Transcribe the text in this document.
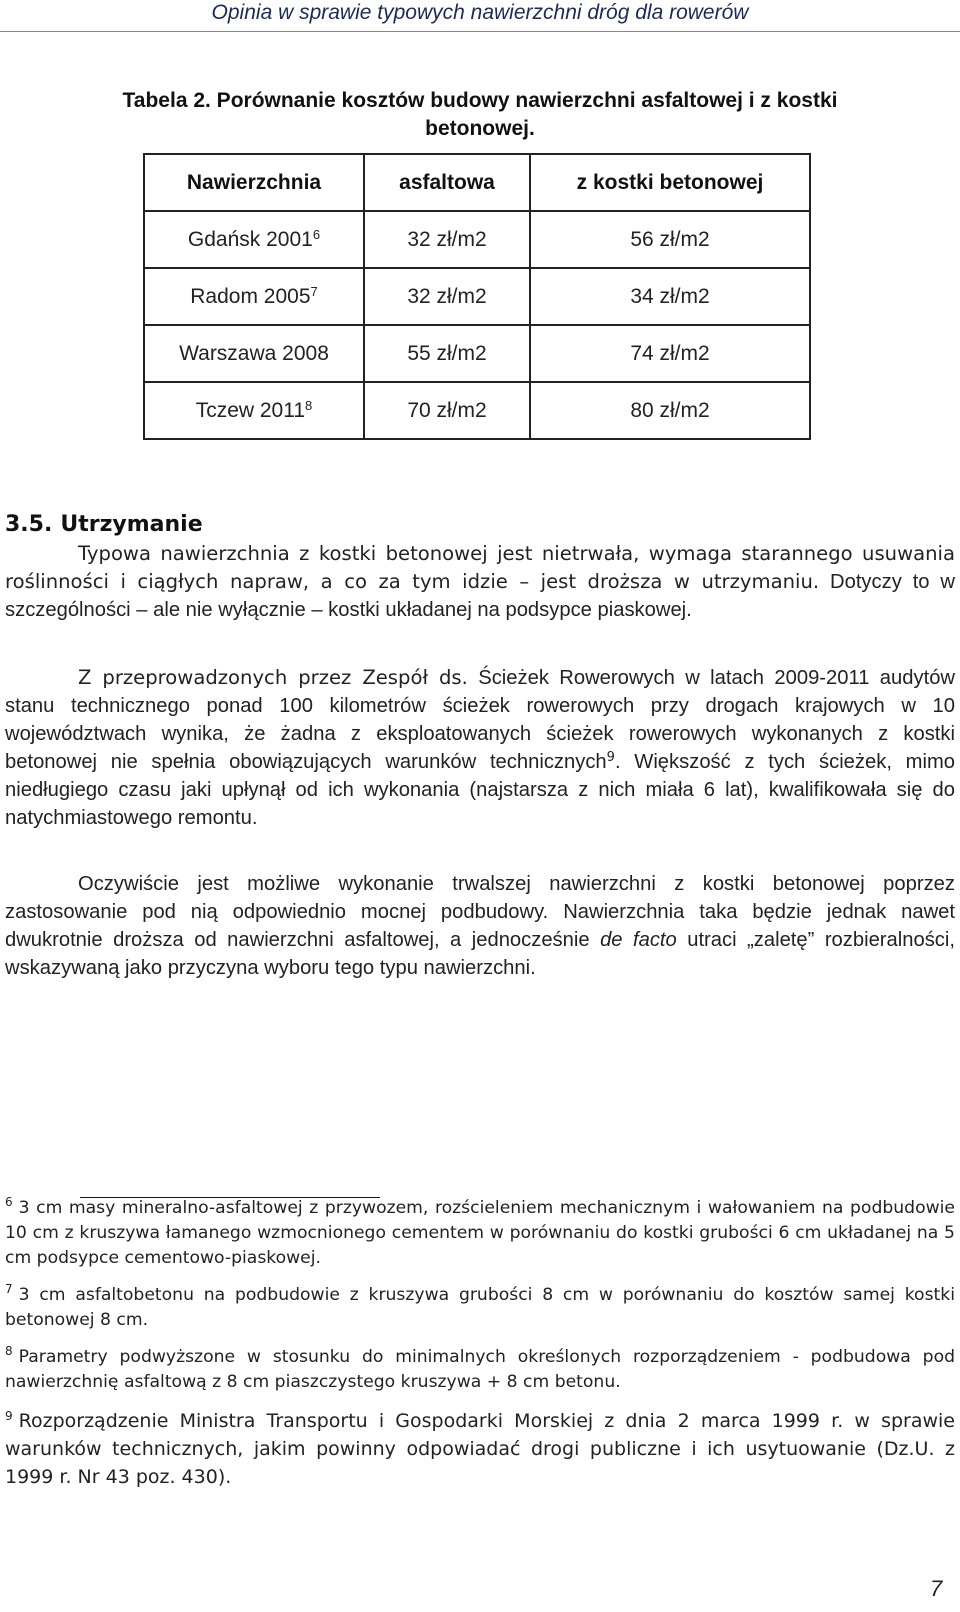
Opinia w sprawie typowych nawierzchni dróg dla rowerów
Tabela 2. Porównanie kosztów budowy nawierzchni asfaltowej i z kostki
betonowej.
Nawierzchnia	asfaltowa	z kostki betonowej
Gdańsk 2001$^6$	32 zł/m2	56 zł/m2
Radom 2005$^7$	32 zł/m2	34 zł/m2
Warszawa 2008	55 zł/m2	74 zł/m2
Tczew 2011$^8$	70 zł/m2	80 zł/m2
3.5. Utrzymanie

Typowa nawierzchnia z kostki betonowej jest nietrwała, wymaga starannego usuwania roślinności i ciągłych napraw, a co za tym idzie – jest droższa w utrzymaniu. Dotyczy to w szczególności – ale nie wyłącznie – kostki układanej na podsypce piaskowej.

Z przeprowadzonych przez Zespół ds. Ścieżek Rowerowych w latach 2009-2011 audytów stanu technicznego ponad 100 kilometrów ścieżek rowerowych przy drogach krajowych w 10 województwach wynika, że żadna z eksploatowanych ścieżek rowerowych wykonanych z kostki betonowej nie spełnia obowiązujących warunków technicznych$^9$. Większość z tych ścieżek, mimo niedługiego czasu jaki upłynął od ich wykonania (najstarsza z nich miała 6 lat), kwalifikowała się do natychmiastowego remontu.

Oczywiście jest możliwe wykonanie trwalszej nawierzchni z kostki betonowej poprzez zastosowanie pod nią odpowiednio mocnej podbudowy. Nawierzchnia taka będzie jednak nawet dwukrotnie droższa od nawierzchni asfaltowej, a jednocześnie de facto utraci „zaletę” rozbieralności, wskazywaną jako przyczyna wyboru tego typu nawierzchni.

$^6$ 3 cm masy mineralno-asfaltowej z przywozem, rozścieleniem mechanicznym i wałowaniem na podbudowie 10 cm z kruszywa łamanego wzmocnionego cementem w porównaniu do kostki grubości 6 cm układanej na 5 cm podsypce cementowo-piaskowej.

$^7$ 3 cm asfaltobetonu na podbudowie z kruszywa grubości 8 cm w porównaniu do kosztów samej kostki betonowej 8 cm.

$^8$ Parametry podwyższone w stosunku do minimalnych określonych rozporządzeniem - podbudowa pod nawierzchnię asfaltową z 8 cm piaszczystego kruszywa + 8 cm betonu.

$^9$ Rozporządzenie Ministra Transportu i Gospodarki Morskiej z dnia 2 marca 1999 r. w sprawie warunków technicznych, jakim powinny odpowiadać drogi publiczne i ich usytuowanie (Dz.U. z 1999 r. Nr 43 poz. 430).

7
